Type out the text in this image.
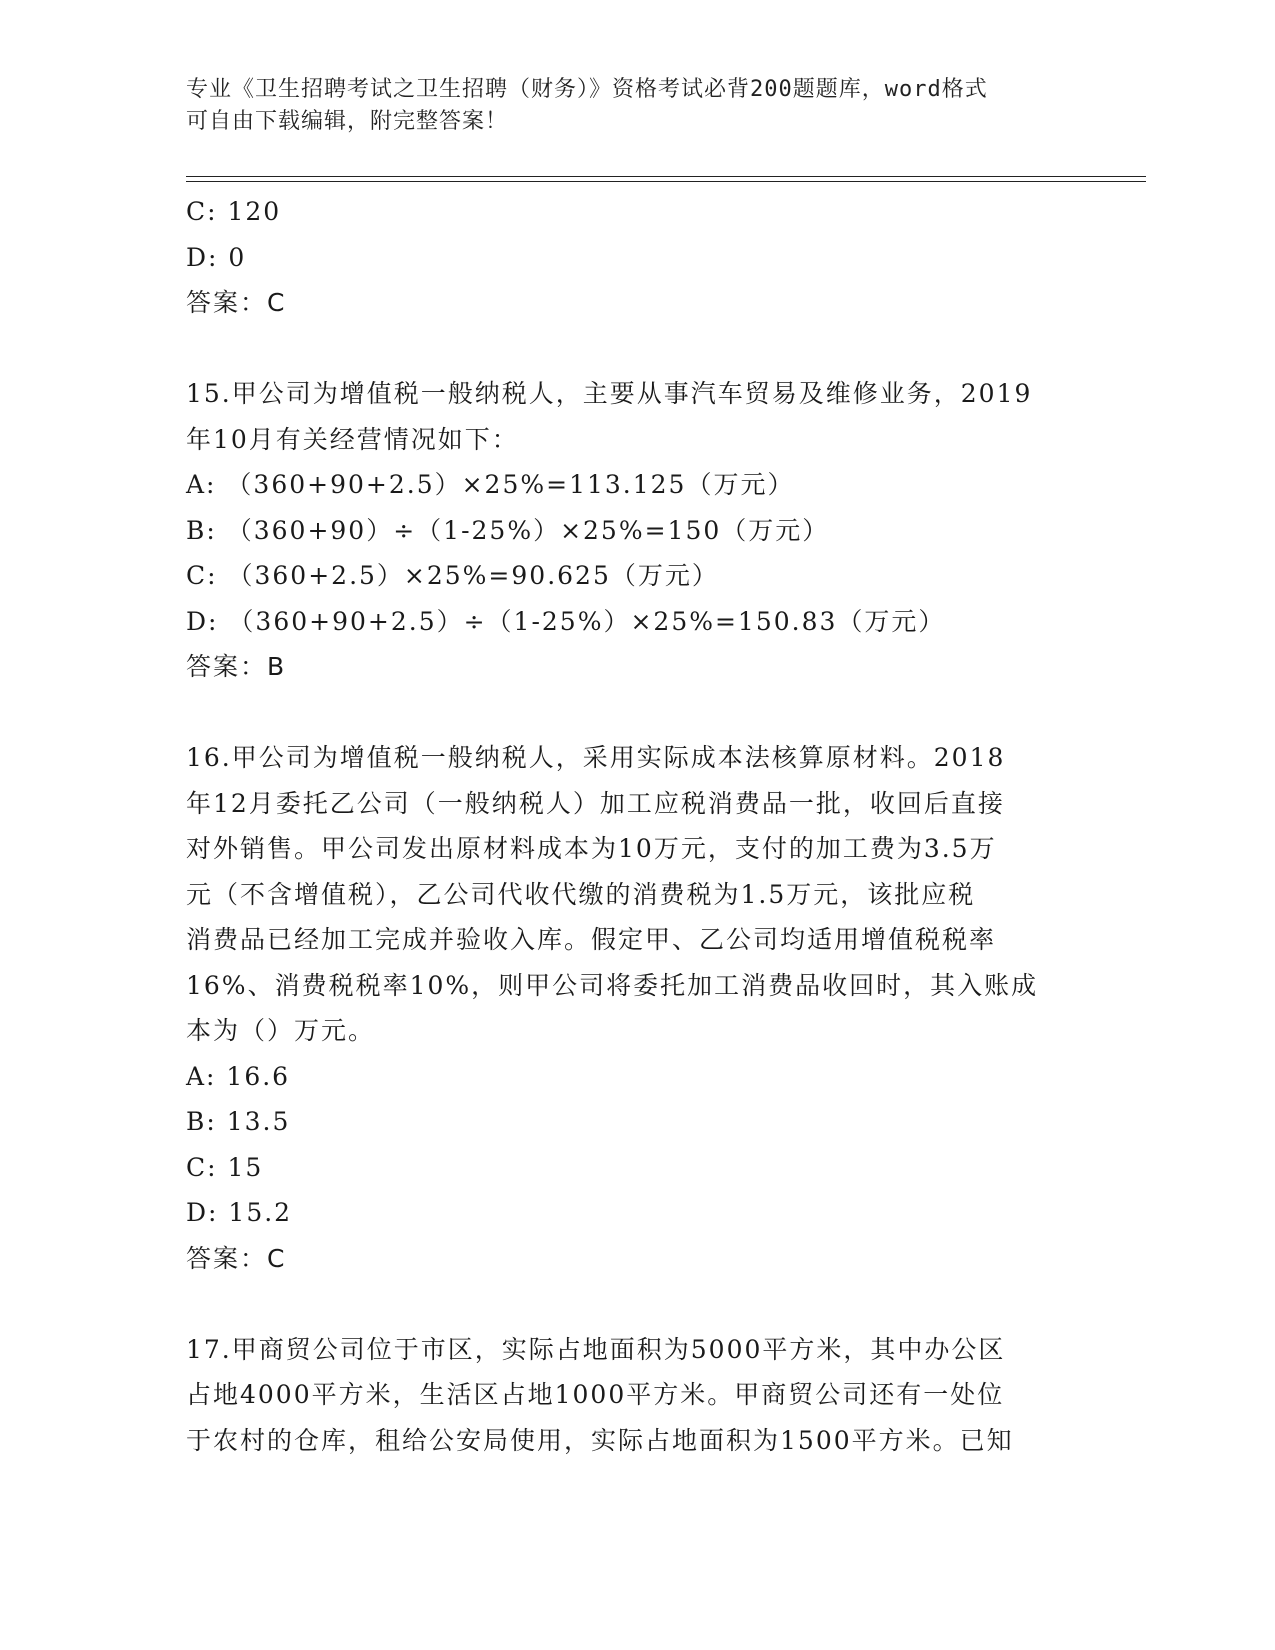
专业《卫生招聘考试之卫生招聘（财务）》资格考试必背200题题库，word格式
可自由下载编辑，附完整答案！
C: 120
D: 0
答案：C
15.甲公司为增值税一般纳税人，主要从事汽车贸易及维修业务，2019
年10月有关经营情况如下：
A: （360+90+2.5）×25%=113.125（万元）
B: （360+90）÷（1-25%）×25%=150（万元）
C: （360+2.5）×25%=90.625（万元）
D: （360+90+2.5）÷（1-25%）×25%=150.83（万元）
答案：B
16.甲公司为增值税一般纳税人，采用实际成本法核算原材料。2018
年12月委托乙公司（一般纳税人）加工应税消费品一批，收回后直接
对外销售。甲公司发出原材料成本为10万元，支付的加工费为3.5万
元（不含增值税），乙公司代收代缴的消费税为1.5万元，该批应税
消费品已经加工完成并验收入库。假定甲、乙公司均适用增值税税率
16%、消费税税率10%，则甲公司将委托加工消费品收回时，其入账成
本为（）万元。
A: 16.6
B: 13.5
C: 15
D: 15.2
答案：C
17.甲商贸公司位于市区，实际占地面积为5000平方米，其中办公区
占地4000平方米，生活区占地1000平方米。甲商贸公司还有一处位
于农村的仓库，租给公安局使用，实际占地面积为1500平方米。已知
